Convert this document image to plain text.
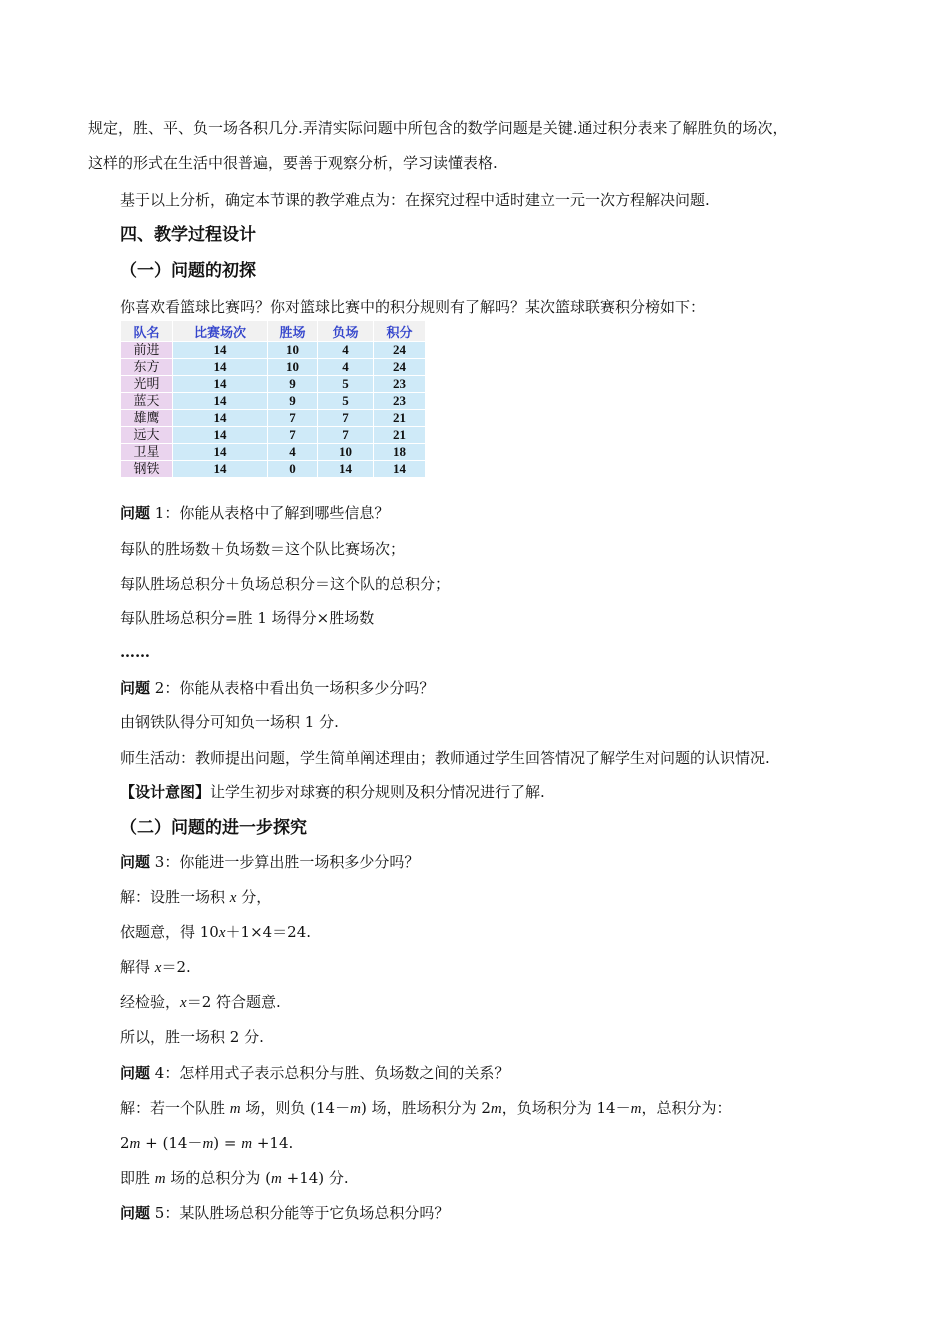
规定，胜、平、负一场各积几分.弄清实际问题中所包含的数学问题是关键.通过积分表来了解胜负的场次，
这样的形式在生活中很普遍，要善于观察分析，学习读懂表格.
基于以上分析，确定本节课的教学难点为：在探究过程中适时建立一元一次方程解决问题.
四、教学过程设计
（一）问题的初探
你喜欢看篮球比赛吗？你对篮球比赛中的积分规则有了解吗？某次篮球联赛积分榜如下：
问题 1：你能从表格中了解到哪些信息？
每队的胜场数＋负场数＝这个队比赛场次；
每队胜场总积分＋负场总积分＝这个队的总积分；
每队胜场总积分=胜 1 场得分×胜场数
……
问题 2：你能从表格中看出负一场积多少分吗？
由钢铁队得分可知负一场积 1 分.
师生活动：教师提出问题，学生简单阐述理由；教师通过学生回答情况了解学生对问题的认识情况.
【设计意图】让学生初步对球赛的积分规则及积分情况进行了解.
（二）问题的进一步探究
问题 3：你能进一步算出胜一场积多少分吗？
解：设胜一场积 x 分，
依题意，得 10x＋1×4＝24.
解得 x＝2.
经检验，x＝2 符合题意.
所以，胜一场积 2 分.
问题 4：怎样用式子表示总积分与胜、负场数之间的关系？
解：若一个队胜 m 场，则负 (14－m) 场，胜场积分为 2m，负场积分为 14－m，总积分为：
2m + (14－m) = m +14.
即胜 m 场的总积分为 (m +14) 分.
问题 5：某队胜场总积分能等于它负场总积分吗？
队名	比赛场次	胜场	负场	积分
前进	14	10	4	24
东方	14	10	4	24
光明	14	9	5	23
蓝天	14	9	5	23
雄鹰	14	7	7	21
远大	14	7	7	21
卫星	14	4	10	18
钢铁	14	0	14	14
